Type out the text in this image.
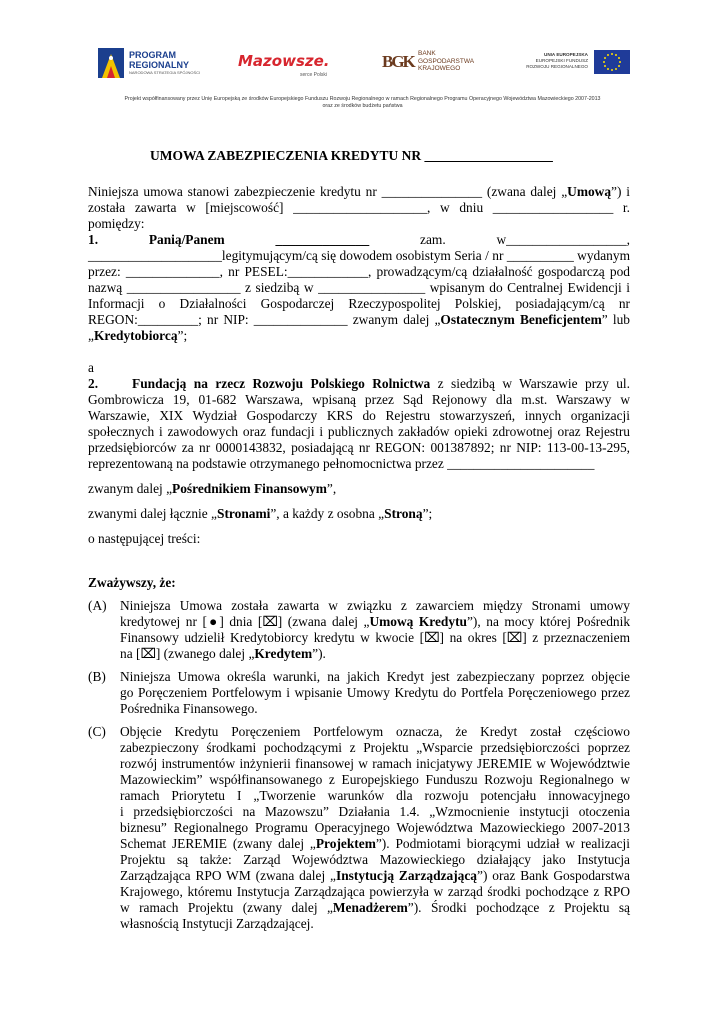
PROGRAM
REGIONALNY
NARODOWA STRATEGIA SPÓJNOŚCI
Mazowsze.
serce Polski
BGK BANK
GOSPODARSTWA
KRAJOWEGO
UNIA EUROPEJSKA
EUROPEJSKI FUNDUSZ
ROZWOJU REGIONALNEGO
Projekt współfinansowany przez Unię Europejską ze środków Europejskiego Funduszu Rozwoju Regionalnego w ramach Regionalnego Programu Operacyjnego Województwa Mazowieckiego 2007-2013
oraz ze środków budżetu państwa
UMOWA ZABEZPIECZENIA KREDYTU NR ___________________

Niniejsza umowa stanowi zabezpieczenie kredytu nr _______________ (zwana dalej „Umową”) i

została zawarta w [miejscowość] ____________________, w dniu __________________ r.

pomiędzy:

1.	Panią/Panem	______________	zam.	w__________________,

____________________legitymującym/cą się dowodem osobistym Seria / nr __________ wydanym

przez: ______________, nr PESEL:____________, prowadzącym/cą działalność gospodarczą pod

nazwą _________________ z siedzibą w ________________ wpisanym do Centralnej Ewidencji i

Informacji o Działalności Gospodarczej Rzeczypospolitej Polskiej, posiadającym/cą nr

REGON:_________; nr NIP: ______________ zwanym dalej „Ostatecznym Beneficjentem” lub

„Kredytobiorcą”;

a

2.	Fundacją na rzecz Rozwoju Polskiego Rolnictwa z siedzibą w Warszawie przy ul.

Gombrowicza 19, 01-682 Warszawa, wpisaną przez Sąd Rejonowy dla m.st. Warszawy w

Warszawie, XIX Wydział Gospodarczy KRS do Rejestru stowarzyszeń, innych organizacji

społecznych i zawodowych oraz fundacji i publicznych zakładów opieki zdrowotnej oraz Rejestru

przedsiębiorców za nr 0000143832, posiadającą nr REGON: 001387892; nr NIP: 113-00-13-295,

reprezentowaną na podstawie otrzymanego pełnomocnictwa przez ______________________

zwanym dalej „Pośrednikiem Finansowym”,

zwanymi dalej łącznie „Stronami”, a każdy z osobna „Stroną”;

o następującej treści:

Zważywszy, że:

(A)	Niniejsza Umowa została zawarta w związku z zawarciem między Stronami umowy

kredytowej nr [●] dnia [⌧] (zwana dalej „Umową Kredytu”), na mocy której Pośrednik

Finansowy udzielił Kredytobiorcy kredytu w kwocie [⌧] na okres [⌧] z przeznaczeniem

na [⌧] (zwanego dalej „Kredytem”).

(B)	Niniejsza Umowa określa warunki, na jakich Kredyt jest zabezpieczany poprzez objęcie

go Poręczeniem Portfelowym i wpisanie Umowy Kredytu do Portfela Poręczeniowego przez

Pośrednika Finansowego.

(C)	Objęcie Kredytu Poręczeniem Portfelowym oznacza, że Kredyt został częściowo

zabezpieczony środkami pochodzącymi z Projektu „Wsparcie przedsiębiorczości poprzez

rozwój instrumentów inżynierii finansowej w ramach inicjatywy JEREMIE w Województwie

Mazowieckim” współfinansowanego z Europejskiego Funduszu Rozwoju Regionalnego w

ramach Priorytetu I „Tworzenie warunków dla rozwoju potencjału innowacyjnego

i przedsiębiorczości na Mazowszu” Działania 1.4. „Wzmocnienie instytucji otoczenia

biznesu” Regionalnego Programu Operacyjnego Województwa Mazowieckiego 2007-2013

Schemat JEREMIE (zwany dalej „Projektem”). Podmiotami biorącymi udział w realizacji

Projektu są także: Zarząd Województwa Mazowieckiego działający jako Instytucja

Zarządzająca RPO WM (zwana dalej „Instytucją Zarządzającą”) oraz Bank Gospodarstwa

Krajowego, któremu Instytucja Zarządzająca powierzyła w zarząd środki pochodzące z RPO

w ramach Projektu (zwany dalej „Menadżerem”). Środki pochodzące z Projektu są

własnością Instytucji Zarządzającej.
